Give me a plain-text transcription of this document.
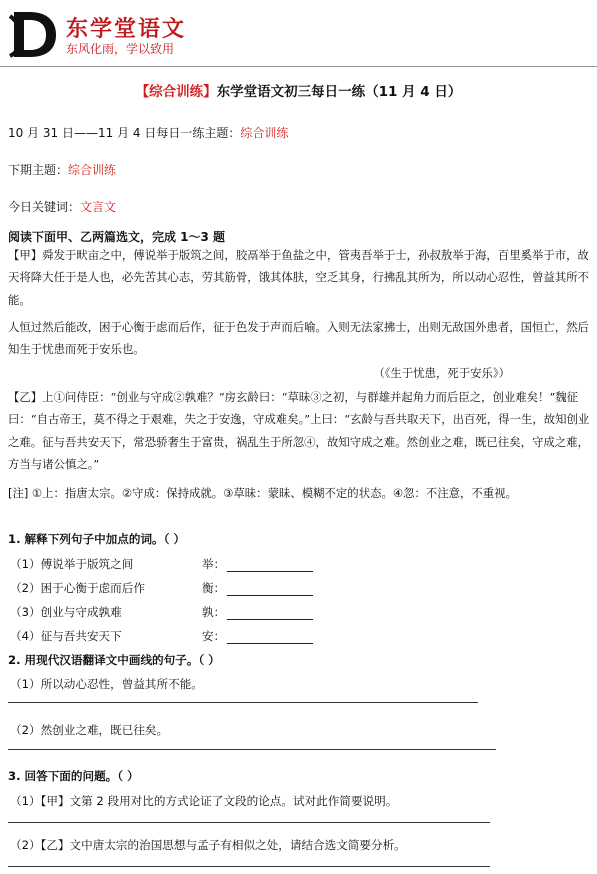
东学堂语文
东风化雨，学以致用
【综合训练】东学堂语文初三每日一练（11 月 4 日）
10 月 31 日——11 月 4 日每日一练主题：综合训练
下期主题：综合训练
今日关键词：文言文
阅读下面甲、乙两篇选文，完成 1～3 题
【甲】舜发于畎亩之中，傅说举于版筑之间，胶鬲举于鱼盐之中，管夷吾举于士，孙叔敖举于海，百里奚举于市，故天将降大任于是人也，必先苦其心志，劳其筋骨，饿其体肤，空乏其身，行拂乱其所为，所以动心忍性，曾益其所不能。
人恒过然后能改，困于心衡于虑而后作，征于色发于声而后喻。入则无法家拂士，出则无敌国外患者，国恒亡，然后知生于忧患而死于安乐也。
（《生于忧患，死于安乐》）
【乙】上①问侍臣：“创业与守成②孰难？”房玄龄曰：“草昧③之初，与群雄并起角力而后臣之，创业难矣！”魏征曰：“自古帝王，莫不得之于艰难，失之于安逸，守成难矣。”上曰：“玄龄与吾共取天下，出百死，得一生，故知创业之难。征与吾共安天下，常恐骄奢生于富贵，祸乱生于所忽④，故知守成之难。然创业之难，既已往矣，守成之难，方当与诸公慎之。”
[注] ①上：指唐太宗。②守成：保持成就。③草昧：蒙昧、模糊不定的状态。④忽：不注意，不重视。
1. 解释下列句子中加点的词。（ ）
（1）傅说举于版筑之间	举：
（2）困于心衡于虑而后作	衡：
（3）创业与守成孰难	孰：
（4）征与吾共安天下	安：
2. 用现代汉语翻译文中画线的句子。（ ）
（1）所以动心忍性，曾益其所不能。
（2）然创业之难，既已往矣。
3. 回答下面的问题。（ ）
（1）【甲】文第 2 段用对比的方式论证了文段的论点。试对此作简要说明。
（2）【乙】文中唐太宗的治国思想与孟子有相似之处，请结合选文简要分析。
